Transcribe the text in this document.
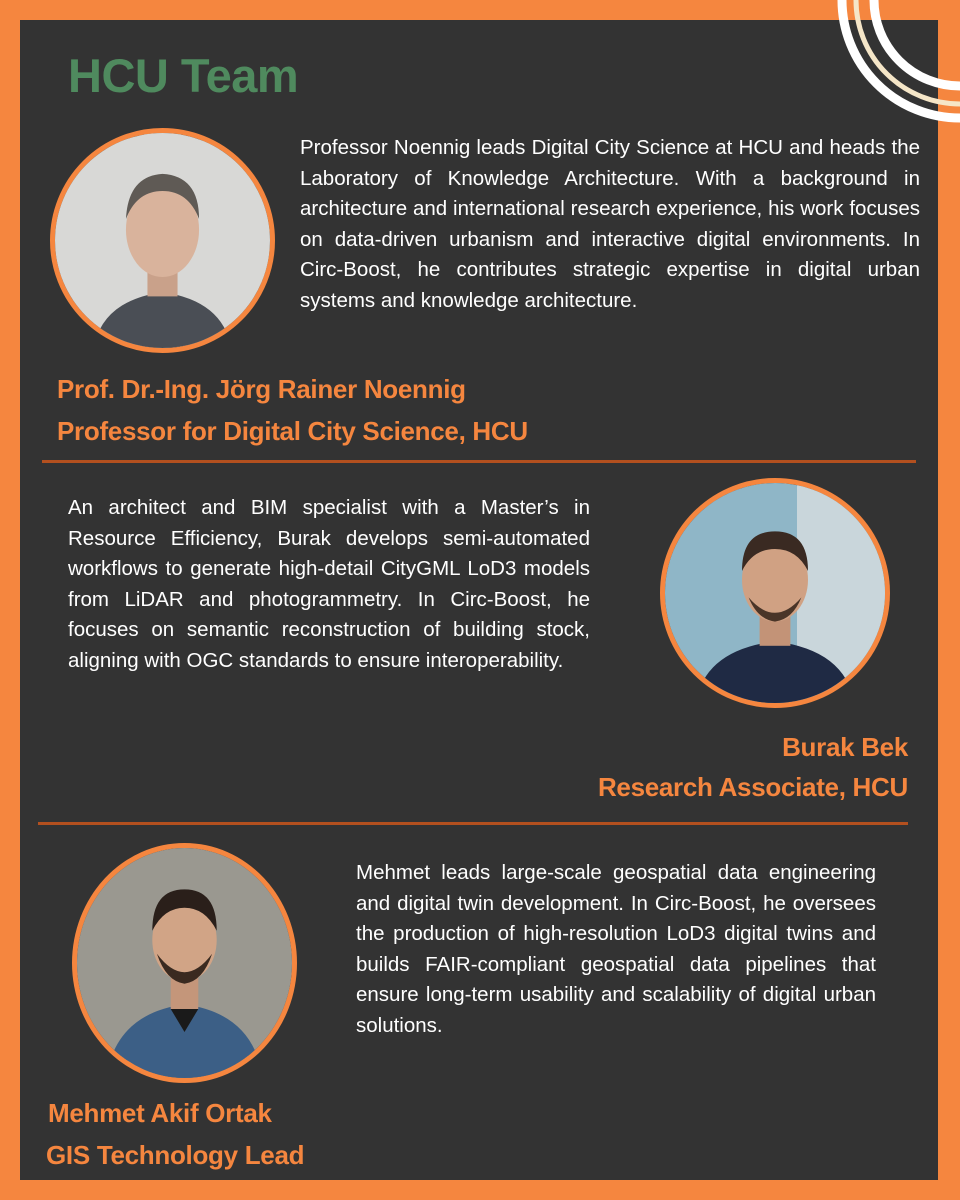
HCU Team

Professor Noennig leads Digital City Science at HCU and heads the Laboratory of Knowledge Architecture. With a background in architecture and international research experience, his work focuses on data-driven urbanism and interactive digital environments. In Circ-Boost, he contributes strategic expertise in digital urban systems and knowledge architecture.

Prof. Dr.-Ing. Jörg Rainer Noennig

Professor for Digital City Science, HCU

An architect and BIM specialist with a Master’s in Resource Efficiency, Burak develops semi-automated workflows to generate high-detail CityGML LoD3 models from LiDAR and photogrammetry. In Circ-Boost, he focuses on semantic reconstruction of building stock, aligning with OGC standards to ensure interoperability.

Burak Bek

Research Associate, HCU

Mehmet leads large-scale geospatial data engineering and digital twin development. In Circ-Boost, he oversees the production of high-resolution LoD3 digital twins and builds FAIR-compliant geospatial data pipelines that ensure long-term usability and scalability of digital urban solutions.

Mehmet Akif Ortak

GIS Technology Lead
